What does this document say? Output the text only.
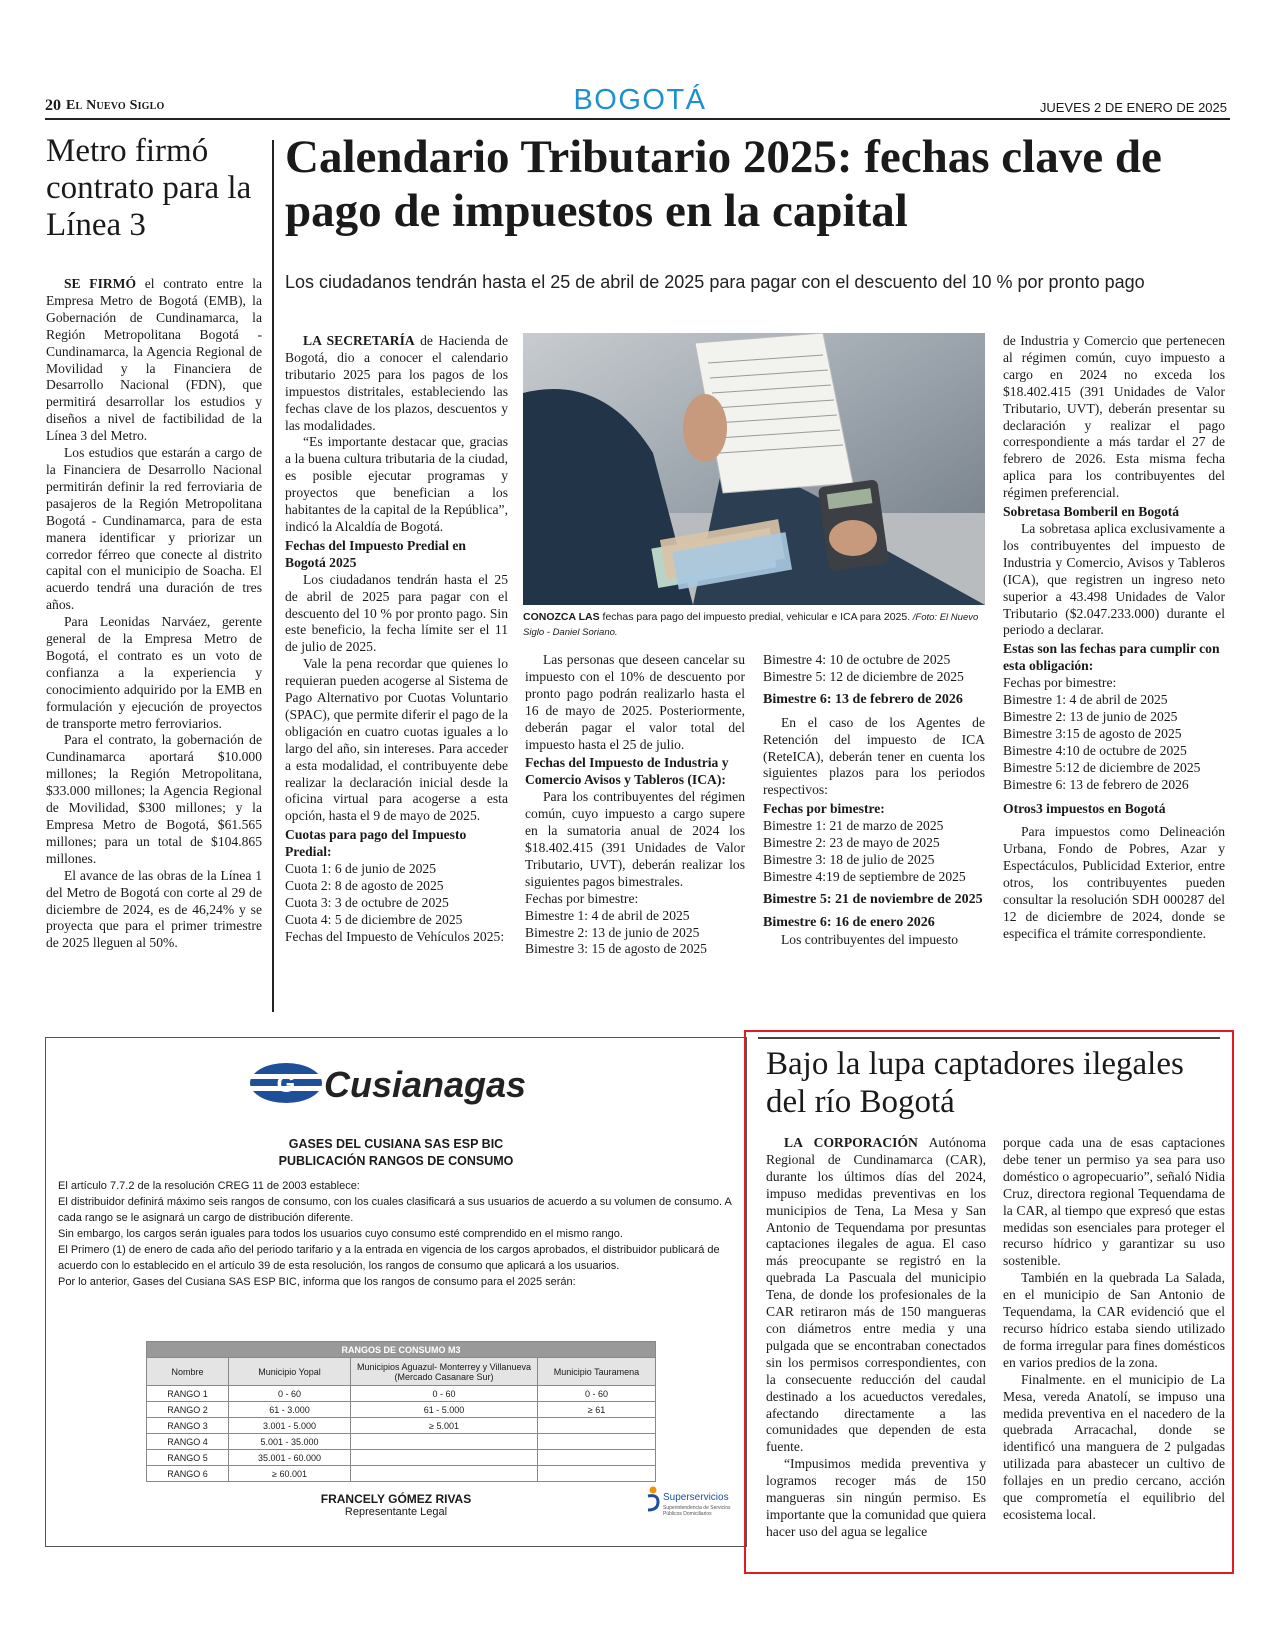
20 El Nuevo Siglo	BOGOTÁ	JUEVES 2 DE ENERO DE 2025
Metro firmó contrato para la Línea 3

SE FIRMÓ el contrato entre la Empresa Metro de Bogotá (EMB), la Gobernación de Cundinamarca, la Región Metropolitana Bogotá - Cundinamarca, la Agencia Regional de Movilidad y la Financiera de Desarrollo Nacional (FDN), que permitirá desarrollar los estudios y diseños a nivel de factibilidad de la Línea 3 del Metro.

Los estudios que estarán a cargo de la Financiera de Desarrollo Nacional permitirán definir la red ferroviaria de pasajeros de la Región Metropolitana Bogotá - Cundinamarca, para de esta manera identificar y priorizar un corredor férreo que conecte al distrito capital con el municipio de Soacha. El acuerdo tendrá una duración de tres años.

Para Leonidas Narváez, gerente general de la Empresa Metro de Bogotá, el contrato es un voto de confianza a la experiencia y conocimiento adquirido por la EMB en formulación y ejecución de proyectos de transporte metro ferroviarios.

Para el contrato, la gobernación de Cundinamarca aportará $10.000 millones; la Región Metropolitana, $33.000 millones; la Agencia Regional de Movilidad, $300 millones; y la Empresa Metro de Bogotá, $61.565 millones; para un total de $104.865 millones.

El avance de las obras de la Línea 1 del Metro de Bogotá con corte al 29 de diciembre de 2024, es de 46,24% y se proyecta que para el primer trimestre de 2025 lleguen al 50%.

Calendario Tributario 2025: fechas clave de pago de impuestos en la capital
Los ciudadanos tendrán hasta el 25 de abril de 2025 para pagar con el descuento del 10 % por pronto pago
CONOZCA LAS fechas para pago del impuesto predial, vehicular e ICA para 2025. /Foto: El Nuevo Siglo - Daniel Soriano.

LA SECRETARÍA de Hacienda de Bogotá, dio a conocer el calendario tributario 2025 para los pagos de los impuestos distritales, estableciendo las fechas clave de los plazos, descuentos y las modalidades.

“Es importante destacar que, gracias a la buena cultura tributaria de la ciudad, es posible ejecutar programas y proyectos que benefician a los habitantes de la capital de la República”, indicó la Alcaldía de Bogotá.

Fechas del Impuesto Predial en Bogotá 2025

Los ciudadanos tendrán hasta el 25 de abril de 2025 para pagar con el descuento del 10 % por pronto pago. Sin este beneficio, la fecha límite ser el 11 de julio de 2025.

Vale la pena recordar que quienes lo requieran pueden acogerse al Sistema de Pago Alternativo por Cuotas Voluntario (SPAC), que permite diferir el pago de la obligación en cuatro cuotas iguales a lo largo del año, sin intereses. Para acceder a esta modalidad, el contribuyente debe realizar la declaración inicial desde la oficina virtual para acogerse a esta opción, hasta el 9 de mayo de 2025.

Cuotas para pago del Impuesto Predial:

Cuota 1: 6 de junio de 2025

Cuota 2: 8 de agosto de 2025

Cuota 3: 3 de octubre de 2025

Cuota 4: 5 de diciembre de 2025

Fechas del Impuesto de Vehículos 2025:

Las personas que deseen cancelar su impuesto con el 10% de descuento por pronto pago podrán realizarlo hasta el 16 de mayo de 2025. Posteriormente, deberán pagar el valor total del impuesto hasta el 25 de julio.

Fechas del Impuesto de Industria y Comercio Avisos y Tableros (ICA):

Para los contribuyentes del régimen común, cuyo impuesto a cargo supere en la sumatoria anual de 2024 los $18.402.415 (391 Unidades de Valor Tributario, UVT), deberán realizar los siguientes pagos bimestrales.

Fechas por bimestre:

Bimestre 1: 4 de abril de 2025

Bimestre 2: 13 de junio de 2025

Bimestre 3: 15 de agosto de 2025

Bimestre 4: 10 de octubre de 2025

Bimestre 5: 12 de diciembre de 2025

Bimestre 6: 13 de febrero de 2026

En el caso de los Agentes de Retención del impuesto de ICA (ReteICA), deberán tener en cuenta los siguientes plazos para los periodos respectivos:

Fechas por bimestre:

Bimestre 1: 21 de marzo de 2025

Bimestre 2: 23 de mayo de 2025

Bimestre 3: 18 de julio de 2025

Bimestre 4:19 de septiembre de 2025

Bimestre 5: 21 de noviembre de 2025

Bimestre 6: 16 de enero 2026

Los contribuyentes del impuesto

de Industria y Comercio que pertenecen al régimen común, cuyo impuesto a cargo en 2024 no exceda los $18.402.415 (391 Unidades de Valor Tributario, UVT), deberán presentar su declaración y realizar el pago correspondiente a más tardar el 27 de febrero de 2026. Esta misma fecha aplica para los contribuyentes del régimen preferencial.

Sobretasa Bomberil en Bogotá

La sobretasa aplica exclusivamente a los contribuyentes del impuesto de Industria y Comercio, Avisos y Tableros (ICA), que registren un ingreso neto superior a 43.498 Unidades de Valor Tributario ($2.047.233.000) durante el periodo a declarar.

Estas son las fechas para cumplir con esta obligación:

Fechas por bimestre:

Bimestre 1: 4 de abril de 2025

Bimestre 2: 13 de junio de 2025

Bimestre 3:15 de agosto de 2025

Bimestre 4:10 de octubre de 2025

Bimestre 5:12 de diciembre de 2025

Bimestre 6: 13 de febrero de 2026

Otros3 impuestos en Bogotá

Para impuestos como Delineación Urbana, Fondo de Pobres, Azar y Espectáculos, Publicidad Exterior, entre otros, los contribuyentes pueden consultar la resolución SDH 000287 del 12 de diciembre de 2024, donde se especifica el trámite correspondiente.

G Cusianagas
GASES DEL CUSIANA SAS ESP BIC
PUBLICACIÓN RANGOS DE CONSUMO

El artículo 7.7.2 de la resolución CREG 11 de 2003 establece:

El distribuidor definirá máximo seis rangos de consumo, con los cuales clasificará a sus usuarios de acuerdo a su volumen de consumo. A cada rango se le asignará un cargo de distribución diferente.

Sin embargo, los cargos serán iguales para todos los usuarios cuyo consumo esté comprendido en el mismo rango.

El Primero (1) de enero de cada año del periodo tarifario y a la entrada en vigencia de los cargos aprobados, el distribuidor publicará de acuerdo con lo establecido en el artículo 39 de esta resolución, los rangos de consumo que aplicará a los usuarios.

Por lo anterior, Gases del Cusiana SAS ESP BIC, informa que los rangos de consumo para el 2025 serán:

RANGOS DE CONSUMO M3			
Nombre	Municipio Yopal	Municipios Aguazul- Monterrey y Villanueva (Mercado Casanare Sur)	Municipio Tauramena
RANGO 1	0 - 60	0 - 60	0 - 60
RANGO 2	61 - 3.000	61 - 5.000	≥ 61
RANGO 3	3.001 - 5.000	≥ 5.001	
RANGO 4	5.001 - 35.000		
RANGO 5	35.001 - 60.000		
RANGO 6	≥ 60.001		
FRANCELY GÓMEZ RIVAS
Representante Legal
Superservicios
Superintendencia de Servicios Públicos Domiciliarios
Bajo la lupa captadores ilegales del río Bogotá

LA CORPORACIÓN Autónoma Regional de Cundinamarca (CAR), durante los últimos días del 2024, impuso medidas preventivas en los municipios de Tena, La Mesa y San Antonio de Tequendama por presuntas captaciones ilegales de agua. El caso más preocupante se registró en la quebrada La Pascuala del municipio Tena, de donde los profesionales de la CAR retiraron más de 150 mangueras con diámetros entre media y una pulgada que se encontraban conectados sin los permisos correspondientes, con la consecuente reducción del caudal destinado a los acueductos veredales, afectando directamente a las comunidades que dependen de esta fuente.

“Impusimos medida preventiva y logramos recoger más de 150 mangueras sin ningún permiso. Es importante que la comunidad que quiera hacer uso del agua se legalice

porque cada una de esas captaciones debe tener un permiso ya sea para uso doméstico o agropecuario”, señaló Nidia Cruz, directora regional Tequendama de la CAR, al tiempo que expresó que estas medidas son esenciales para proteger el recurso hídrico y garantizar su uso sostenible.

También en la quebrada La Salada, en el municipio de San Antonio de Tequendama, la CAR evidenció que el recurso hídrico estaba siendo utilizado de forma irregular para fines domésticos en varios predios de la zona.

Finalmente. en el municipio de La Mesa, vereda Anatolí, se impuso una medida preventiva en el nacedero de la quebrada Arracachal, donde se identificó una manguera de 2 pulgadas utilizada para abastecer un cultivo de follajes en un predio cercano, acción que comprometía el equilibrio del ecosistema local.
